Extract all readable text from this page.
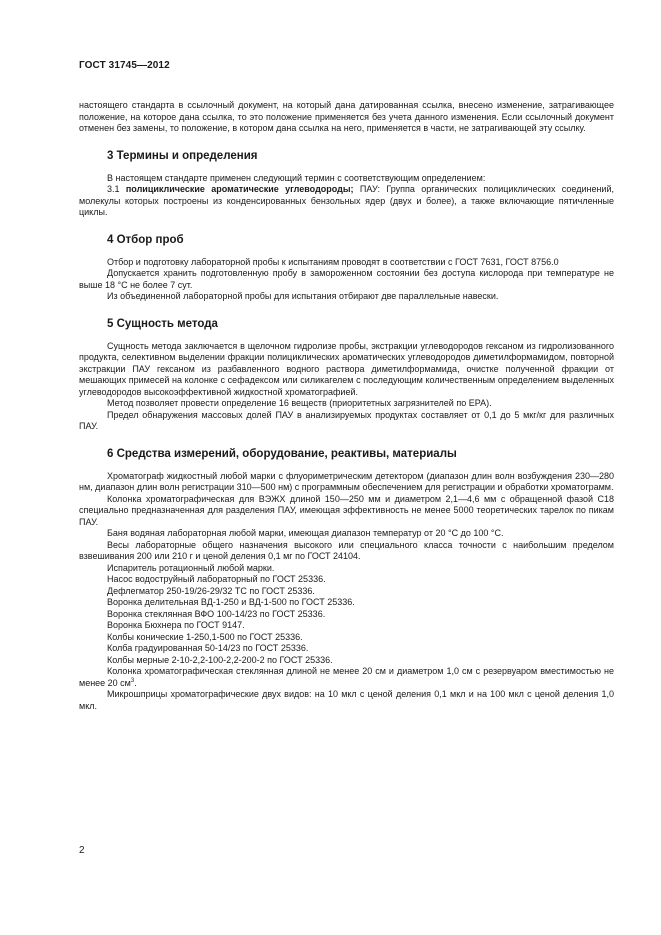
ГОСТ 31745—2012

настоящего стандарта в ссылочный документ, на который дана датированная ссылка, внесено изменение, затрагивающее положение, на которое дана ссылка, то это положение применяется без учета данного изменения. Если ссылочный документ отменен без замены, то положение, в котором дана ссылка на него, применяется в части, не затрагивающей эту ссылку.

3 Термины и определения

В настоящем стандарте применен следующий термин с соответствующим определением:

3.1 полициклические ароматические углеводороды; ПАУ: Группа органических полициклических соединений, молекулы которых построены из конденсированных бензольных ядер (двух и более), а также включающие пятичленные циклы.

4 Отбор проб

Отбор и подготовку лабораторной пробы к испытаниям проводят в соответствии с ГОСТ 7631, ГОСТ 8756.0

Допускается хранить подготовленную пробу в замороженном состоянии без доступа кислорода при температуре не выше 18 °С не более 7 сут.

Из объединенной лабораторной пробы для испытания отбирают две параллельные навески.

5 Сущность метода

Сущность метода заключается в щелочном гидролизе пробы, экстракции углеводородов гексаном из гидролизованного продукта, селективном выделении фракции полициклических ароматических углеводородов диметилформамидом, повторной экстракции ПАУ гексаном из разбавленного водного раствора диметилформамида, очистке полученной фракции от мешающих примесей на колонке с сефадексом или силикагелем с последующим количественным определением выделенных углеводородов высокоэффективной жидкостной хроматографией.

Метод позволяет провести определение 16 веществ (приоритетных загрязнителей по ЕРА).

Предел обнаружения массовых долей ПАУ в анализируемых продуктах составляет от 0,1 до 5 мкг/кг для различных ПАУ.

6 Средства измерений, оборудование, реактивы, материалы

Хроматограф жидкостный любой марки с флуориметрическим детектором (диапазон длин волн возбуждения 230—280 нм, диапазон длин волн регистрации 310—500 нм) с программным обеспечением для регистрации и обработки хроматограмм.

Колонка хроматографическая для ВЭЖХ длиной 150—250 мм и диаметром 2,1—4,6 мм с обращенной фазой С18 специально предназначенная для разделения ПАУ, имеющая эффективность не менее 5000 теоретических тарелок по пикам ПАУ.

Баня водяная лабораторная любой марки, имеющая диапазон температур от 20 °С до 100 °С.

Весы лабораторные общего назначения высокого или специального класса точности с наибольшим пределом взвешивания 200 или 210 г и ценой деления 0,1 мг по ГОСТ 24104.

Испаритель ротационный любой марки.

Насос водоструйный лабораторный по ГОСТ 25336.

Дефлегматор 250-19/26-29/32 ТС по ГОСТ 25336.

Воронка делительная ВД-1-250 и ВД-1-500 по ГОСТ 25336.

Воронка стеклянная ВФО 100-14/23 по ГОСТ 25336.

Воронка Бюхнера по ГОСТ 9147.

Колбы конические 1-250,1-500 по ГОСТ 25336.

Колба градуированная 50-14/23 по ГОСТ 25336.

Колбы мерные 2-10-2,2-100-2,2-200-2 по ГОСТ 25336.

Колонка хроматографическая стеклянная длиной не менее 20 см и диаметром 1,0 см с резервуаром вместимостью не менее 20 $см^3$.

Микрошприцы хроматографические двух видов: на 10 мкл с ценой деления 0,1 мкл и на 100 мкл с ценой деления 1,0 мкл.

2
